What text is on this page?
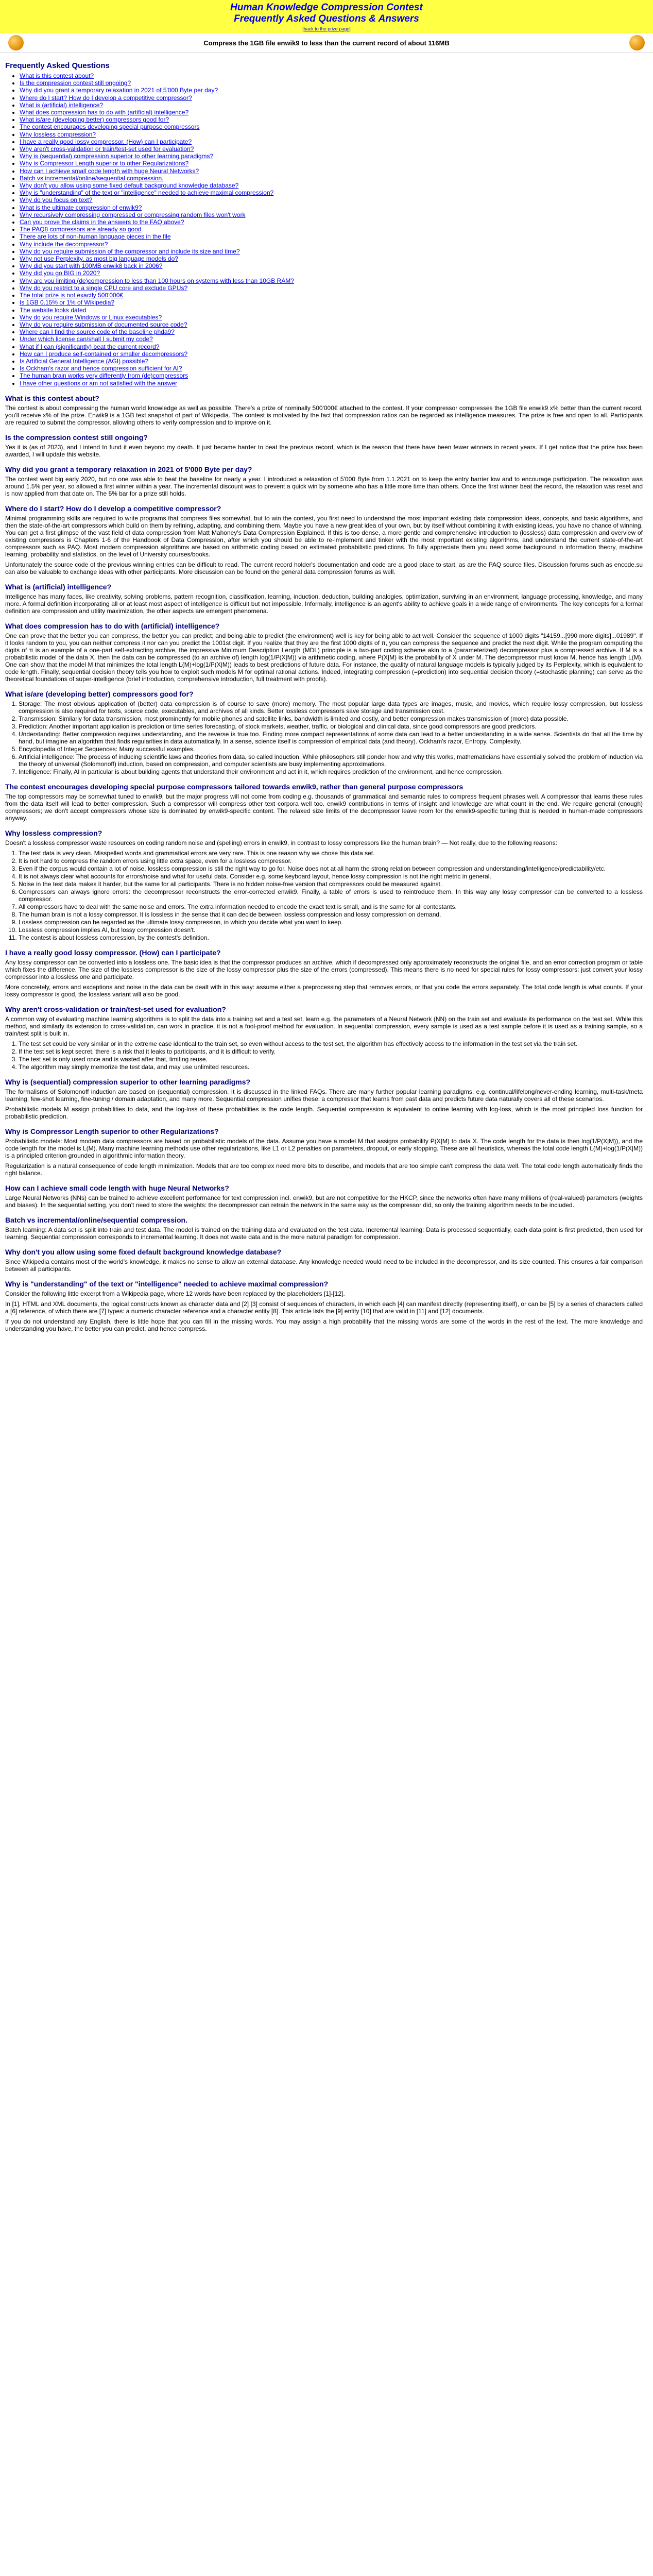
Human Knowledge Compression Contest
Frequently Asked Questions & Answers
[back to the prize page]
Compress the 1GB file enwik9 to less than the current record of about 116MB
Frequently Asked Questions
• What is this contest about?
• Is the compression contest still ongoing?
• Why did you grant a temporary relaxation in 2021 of 5'000 Byte per day?
• Where do I start? How do I develop a competitive compressor?
• What is (artificial) intelligence?
• What does compression has to do with (artificial) intelligence?
• What is/are (developing better) compressors good for?
• The contest encourages developing special purpose compressors
• Why lossless compression?
• I have a really good lossy compressor. (How) can I participate?
• Why aren't cross-validation or train/test-set used for evaluation?
• Why is (sequential) compression superior to other learning paradigms?
• Why is Compressor Length superior to other Regularizations?
• How can I achieve small code length with huge Neural Networks?
• Batch vs incremental/online/sequential compression.
• Why don't you allow using some fixed default background knowledge database?
• Why is "understanding" of the text or "intelligence" needed to achieve maximal compression?
• Why do you focus on text?
• What is the ultimate compression of enwik9?
• Why recursively compressing compressed or compressing random files won't work
• Can you prove the claims in the answers to the FAQ above?
• The PAQ8 compressors are already so good
• There are lots of non-human language pieces in the file
• Why include the decompressor?
• Why do you require submission of the compressor and include its size and time?
• Why not use Perplexity, as most big language models do?
• Why did you start with 100MB enwik8 back in 2006?
• Why did you go BIG in 2020?
• Why are you limiting (de)compression to less than 100 hours on systems with less than 10GB RAM?
• Why do you restrict to a single CPU core and exclude GPUs?
• The total prize is not exactly 500'000€
• Is 1GB 0.15% or 1% of Wikipedia?
• The website looks dated
• Why do you require Windows or Linux executables?
• Why do you require submission of documented source code?
• Where can I find the source code of the baseline phda9?
• Under which license can/shall I submit my code?
• What if I can (significantly) beat the current record?
• How can I produce self-contained or smaller decompressors?
• Is Artificial General Intelligence (AGI) possible?
• Is Ockham's razor and hence compression sufficient for AI?
• The human brain works very differently from (de)compressors
• I have other questions or am not satisfied with the answer
What is this contest about?

The contest is about compressing the human world knowledge as well as possible. There's a prize of nominally 500'000€ attached to the contest. If your compressor compresses the 1GB file enwik9 x% better than the current record, you'll receive x% of the prize. Enwik9 is a 1GB text snapshot of part of Wikipedia. The contest is motivated by the fact that compression ratios can be regarded as intelligence measures. The prize is free and open to all. Participants are required to submit the compressor, allowing others to verify compression and to improve on it.

Is the compression contest still ongoing?

Yes it is (as of 2023), and I intend to fund it even beyond my death. It just became harder to beat the previous record, which is the reason that there have been fewer winners in recent years. If I get notice that the prize has been awarded, I will update this website.

Why did you grant a temporary relaxation in 2021 of 5'000 Byte per day?

The contest went big early 2020, but no one was able to beat the baseline for nearly a year. I introduced a relaxation of 5'000 Byte from 1.1.2021 on to keep the entry barrier low and to encourage participation. The relaxation was around 1.5% per year, so allowed a first winner within a year. The incremental discount was to prevent a quick win by someone who has a little more time than others. Once the first winner beat the record, the relaxation was reset and is now applied from that date on. The 5% bar for a prize still holds.

Where do I start? How do I develop a competitive compressor?

Minimal programming skills are required to write programs that compress files somewhat, but to win the contest, you first need to understand the most important existing data compression ideas, concepts, and basic algorithms, and then the state-of-the-art compressors which build on them by refining, adapting, and combining them. Maybe you have a new great idea of your own, but by itself without combining it with existing ideas, you have no chance of winning. You can get a first glimpse of the vast field of data compression from Matt Mahoney's Data Compression Explained. If this is too dense, a more gentle and comprehensive introduction to (lossless) data compression and overview of existing compressors is Chapters 1-6 of the Handbook of Data Compression, after which you should be able to re-implement and tinker with the most important existing algorithms, and understand the current state-of-the-art compressors such as PAQ. Most modern compression algorithms are based on arithmetic coding based on estimated probabilistic predictions. To fully appreciate them you need some background in information theory, machine learning, probability and statistics, on the level of University courses/books.

Unfortunately the source code of the previous winning entries can be difficult to read. The current record holder's documentation and code are a good place to start, as are the PAQ source files. Discussion forums such as encode.su can also be valuable to exchange ideas with other participants. More discussion can be found on the general data compression forums as well.

What is (artificial) intelligence?

Intelligence has many faces, like creativity, solving problems, pattern recognition, classification, learning, induction, deduction, building analogies, optimization, surviving in an environment, language processing, knowledge, and many more. A formal definition incorporating all or at least most aspect of intelligence is difficult but not impossible. Informally, intelligence is an agent's ability to achieve goals in a wide range of environments. The key concepts for a formal definition are compression and utility maximization, the other aspects are emergent phenomena.

What does compression has to do with (artificial) intelligence?

One can prove that the better you can compress, the better you can predict; and being able to predict (the environment) well is key for being able to act well. Consider the sequence of 1000 digits "14159...[990 more digits]...01989". If it looks random to you, you can neither compress it nor can you predict the 1001st digit. If you realize that they are the first 1000 digits of π, you can compress the sequence and predict the next digit. While the program computing the digits of π is an example of a one-part self-extracting archive, the impressive Minimum Description Length (MDL) principle is a two-part coding scheme akin to a (parameterized) decompressor plus a compressed archive. If M is a probabilistic model of the data X, then the data can be compressed (to an archive of) length log(1/P(X|M)) via arithmetic coding, where P(X|M) is the probability of X under M. The decompressor must know M, hence has length L(M). One can show that the model M that minimizes the total length L(M)+log(1/P(X|M)) leads to best predictions of future data. For instance, the quality of natural language models is typically judged by its Perplexity, which is equivalent to code length. Finally, sequential decision theory tells you how to exploit such models M for optimal rational actions. Indeed, integrating compression (=prediction) into sequential decision theory (=stochastic planning) can serve as the theoretical foundations of super-intelligence (brief introduction, comprehensive introduction, full treatment with proofs).

What is/are (developing better) compressors good for?
1. Storage: The most obvious application of (better) data compression is of course to save (more) memory. The most popular large data types are images, music, and movies, which require lossy compression, but lossless compression is also required for texts, source code, executables, and archives of all kinds. Better lossless compressors save storage and transmission cost.
2. Transmission: Similarly for data transmission, most prominently for mobile phones and satellite links, bandwidth is limited and costly, and better compression makes transmission of (more) data possible.
3. Prediction: Another important application is prediction or time series forecasting, of stock markets, weather, traffic, or biological and clinical data, since good compressors are good predictors.
4. Understanding: Better compression requires understanding, and the reverse is true too. Finding more compact representations of some data can lead to a better understanding in a wide sense. Scientists do that all the time by hand, but imagine an algorithm that finds regularities in data automatically. In a sense, science itself is compression of empirical data (and theory). Ockham's razor, Entropy, Complexity.
5. Encyclopedia of Integer Sequences: Many successful examples.
6. Artificial intelligence: The process of inducing scientific laws and theories from data, so called induction. While philosophers still ponder how and why this works, mathematicians have essentially solved the problem of induction via the theory of universal (Solomonoff) induction, based on compression, and computer scientists are busy implementing approximations.
7. Intelligence: Finally, AI in particular is about building agents that understand their environment and act in it, which requires prediction of the environment, and hence compression.
The contest encourages developing special purpose compressors tailored towards enwik9, rather than general purpose compressors

The top compressors may be somewhat tuned to enwik9, but the major progress will not come from coding e.g. thousands of grammatical and semantic rules to compress frequent phrases well. A compressor that learns these rules from the data itself will lead to better compression. Such a compressor will compress other text corpora well too. enwik9 contributions in terms of insight and knowledge are what count in the end. We require general (enough) compressors; we don't accept compressors whose size is dominated by enwik9-specific content. The relaxed size limits of the decompressor leave room for the enwik9-specific tuning that is needed in human-made compressors anyway.

Why lossless compression?

Doesn't a lossless compressor waste resources on coding random noise and (spelling) errors in enwik9, in contrast to lossy compressors like the human brain? — Not really, due to the following reasons:

1. The test data is very clean. Misspelled words and grammatical errors are very rare. This is one reason why we chose this data set.
2. It is not hard to compress the random errors using little extra space, even for a lossless compressor.
3. Even if the corpus would contain a lot of noise, lossless compression is still the right way to go for. Noise does not at all harm the strong relation between compression and understanding/intelligence/predictability/etc.
4. It is not always clear what accounts for errors/noise and what for useful data. Consider e.g. some keyboard layout, hence lossy compression is not the right metric in general.
5. Noise in the test data makes it harder, but the same for all participants. There is no hidden noise-free version that compressors could be measured against.
6. Compressors can always ignore errors: the decompressor reconstructs the error-corrected enwik9. Finally, a table of errors is used to reintroduce them. In this way any lossy compressor can be converted to a lossless compressor.
7. All compressors have to deal with the same noise and errors. The extra information needed to encode the exact text is small, and is the same for all contestants.
8. The human brain is not a lossy compressor. It is lossless in the sense that it can decide between lossless compression and lossy compression on demand.
9. Lossless compression can be regarded as the ultimate lossy compression, in which you decide what you want to keep.
10. Lossless compression implies AI, but lossy compression doesn't.
11. The contest is about lossless compression, by the contest's definition.
I have a really good lossy compressor. (How) can I participate?

Any lossy compressor can be converted into a lossless one. The basic idea is that the compressor produces an archive, which if decompressed only approximately reconstructs the original file, and an error correction program or table which fixes the difference. The size of the lossless compressor is the size of the lossy compressor plus the size of the errors (compressed). This means there is no need for special rules for lossy compressors: just convert your lossy compressor into a lossless one and participate.

More concretely, errors and exceptions and noise in the data can be dealt with in this way: assume either a preprocessing step that removes errors, or that you code the errors separately. The total code length is what counts. If your lossy compressor is good, the lossless variant will also be good.

Why aren't cross-validation or train/test-set used for evaluation?

A common way of evaluating machine learning algorithms is to split the data into a training set and a test set, learn e.g. the parameters of a Neural Network (NN) on the train set and evaluate its performance on the test set. While this method, and similarly its extension to cross-validation, can work in practice, it is not a fool-proof method for evaluation. In sequential compression, every sample is used as a test sample before it is used as a training sample, so a train/test split is built in.

1. The test set could be very similar or in the extreme case identical to the train set, so even without access to the test set, the algorithm has effectively access to the information in the test set via the train set.
2. If the test set is kept secret, there is a risk that it leaks to participants, and it is difficult to verify.
3. The test set is only used once and is wasted after that, limiting reuse.
4. The algorithm may simply memorize the test data, and may use unlimited resources.
Why is (sequential) compression superior to other learning paradigms?

The formalisms of Solomonoff induction are based on (sequential) compression. It is discussed in the linked FAQs. There are many further popular learning paradigms, e.g. continual/lifelong/never-ending learning, multi-task/meta learning, few-shot learning, fine-tuning / domain adaptation, and many more. Sequential compression unifies these: a compressor that learns from past data and predicts future data naturally covers all of these scenarios.

Probabilistic models M assign probabilities to data, and the log-loss of these probabilities is the code length. Sequential compression is equivalent to online learning with log-loss, which is the most principled loss function for probabilistic prediction.

Why is Compressor Length superior to other Regularizations?

Probabilistic models: Most modern data compressors are based on probabilistic models of the data. Assume you have a model M that assigns probability P(X|M) to data X. The code length for the data is then log(1/P(X|M)), and the code length for the model is L(M). Many machine learning methods use other regularizations, like L1 or L2 penalties on parameters, dropout, or early stopping. These are all heuristics, whereas the total code length L(M)+log(1/P(X|M)) is a principled criterion grounded in algorithmic information theory.

Regularization is a natural consequence of code length minimization. Models that are too complex need more bits to describe, and models that are too simple can't compress the data well. The total code length automatically finds the right balance.

How can I achieve small code length with huge Neural Networks?

Large Neural Networks (NNs) can be trained to achieve excellent performance for text compression incl. enwik9, but are not competitive for the HKCP, since the networks often have many millions of (real-valued) parameters (weights and biases). In the sequential setting, you don't need to store the weights: the decompressor can retrain the network in the same way as the compressor did, so only the training algorithm needs to be included.

Batch vs incremental/online/sequential compression.

Batch learning: A data set is split into train and test data. The model is trained on the training data and evaluated on the test data. Incremental learning: Data is processed sequentially, each data point is first predicted, then used for learning. Sequential compression corresponds to incremental learning. It does not waste data and is the more natural paradigm for compression.

Why don't you allow using some fixed default background knowledge database?

Since Wikipedia contains most of the world's knowledge, it makes no sense to allow an external database. Any knowledge needed would need to be included in the decompressor, and its size counted. This ensures a fair comparison between all participants.

Why is "understanding" of the text or "intelligence" needed to achieve maximal compression?

Consider the following little excerpt from a Wikipedia page, where 12 words have been replaced by the placeholders [1]-[12].

In [1], HTML and XML documents, the logical constructs known as character data and [2] [3] consist of sequences of characters, in which each [4] can manifest directly (representing itself), or can be [5] by a series of characters called a [6] reference, of which there are [7] types: a numeric character reference and a character entity [8]. This article lists the [9] entity [10] that are valid in [11] and [12] documents.

If you do not understand any English, there is little hope that you can fill in the missing words. You may assign a high probability that the missing words are some of the words in the rest of the text. The more knowledge and understanding you have, the better you can predict, and hence compress.
